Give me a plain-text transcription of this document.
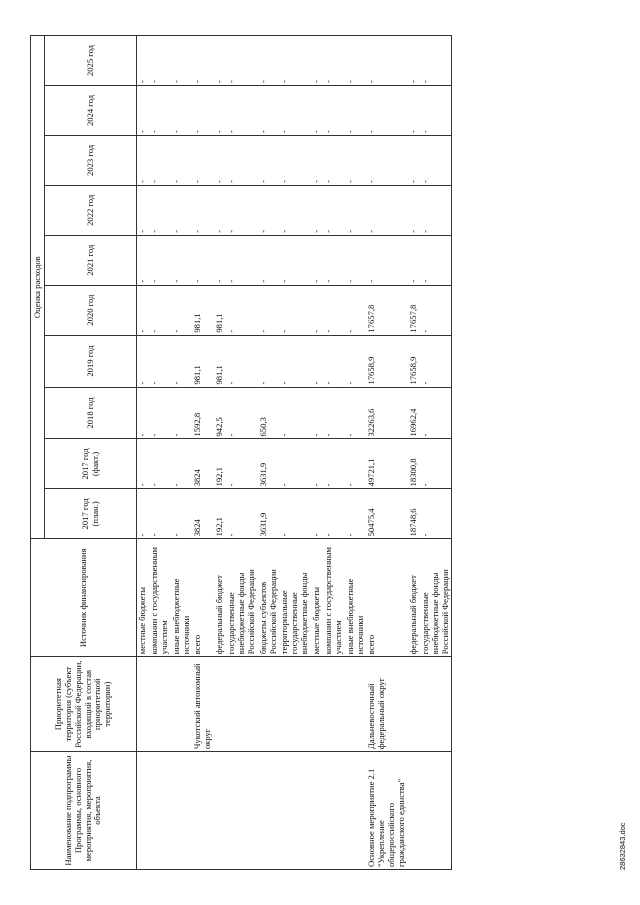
Наименование подпрограммы Программы, основного мероприятия, мероприятия, объекта	Приоритетная территория (субъект Российской Федерации, входящий в состав приоритетной территории)	Источник финансирования	Оценка расходов									
			2017 год (план.)	2017 год (факт.)	2018 год	2019 год	2020 год	2021 год	2022 год	2023 год	2024 год	2025 год
		местные бюджеты	-	-	-	-	-	-	-	-	-	-
		компании с государственным участием	-	-	-	-	-	-	-	-	-	-
		иные внебюджетные источники	-	-	-	-	-	-	-	-	-	-
	Чукотский автономный округ	всего	3824	3824	1592,8	981,1	981,1	-	-	-	-	-
		федеральный бюджет	192,1	192,1	942,5	981,1	981,1	-	-	-	-	-
		государственные внебюджетные фонды Российской Федерации	-	-	-	-	-	-	-	-	-	-
		бюджеты субъектов Российской Федерации	3631,9	3631,9	650,3	-	-	-	-	-	-	-
		территориальные государственные внебюджетные фонды	-	-	-	-	-	-	-	-	-	-
		местные бюджеты	-	-	-	-	-	-	-	-	-	-
		компании с государственным участием	-	-	-	-	-	-	-	-	-	-
		иные внебюджетные источники	-	-	-	-	-	-	-	-	-	-
Основное мероприятие 2.1 "Укрепление общероссийского гражданского единства"	Дальневосточный федеральный округ	всего	50475,4	49721,1	32263,6	17658,9	17657,8	-	-	-	-	-
		федеральный бюджет	18748,6	18300,8	16962,4	17658,9	17657,8	-	-	-	-	-
		государственные внебюджетные фонды Российской Федерации	-	-	-	-	-	-	-	-	-	-
28632843.doc
